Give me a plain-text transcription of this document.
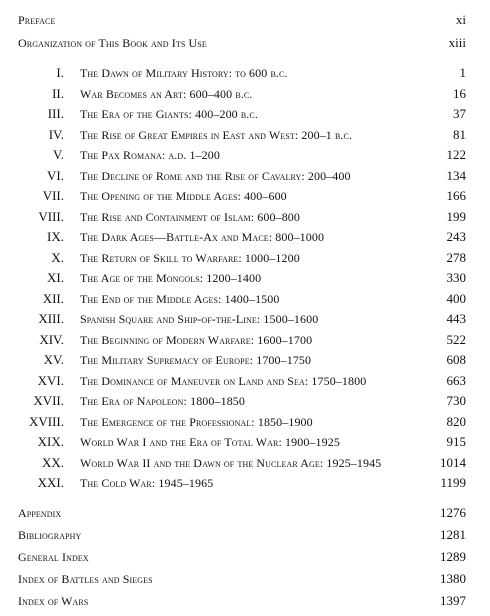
Preface	xi
Organization of This Book and Its Use	xiii
I. The Dawn of Military History: to 600 b.c.	1
II. War Becomes an Art: 600–400 b.c.	16
III. The Era of the Giants: 400–200 b.c.	37
IV. The Rise of Great Empires in East and West: 200–1 b.c.	81
V. The Pax Romana: a.d. 1–200	122
VI. The Decline of Rome and the Rise of Cavalry: 200–400	134
VII. The Opening of the Middle Ages: 400–600	166
VIII. The Rise and Containment of Islam: 600–800	199
IX. The Dark Ages—Battle-Ax and Mace: 800–1000	243
X. The Return of Skill to Warfare: 1000–1200	278
XI. The Age of the Mongols: 1200–1400	330
XII. The End of the Middle Ages: 1400–1500	400
XIII. Spanish Square and Ship-of-the-Line: 1500–1600	443
XIV. The Beginning of Modern Warfare: 1600–1700	522
XV. The Military Supremacy of Europe: 1700–1750	608
XVI. The Dominance of Maneuver on Land and Sea: 1750–1800	663
XVII. The Era of Napoleon: 1800–1850	730
XVIII. The Emergence of the Professional: 1850–1900	820
XIX. World War I and the Era of Total War: 1900–1925	915
XX. World War II and the Dawn of the Nuclear Age: 1925–1945	1014
XXI. The Cold War: 1945–1965	1199
Appendix	1276
Bibliography	1281
General Index	1289
Index of Battles and Sieges	1380
Index of Wars	1397
